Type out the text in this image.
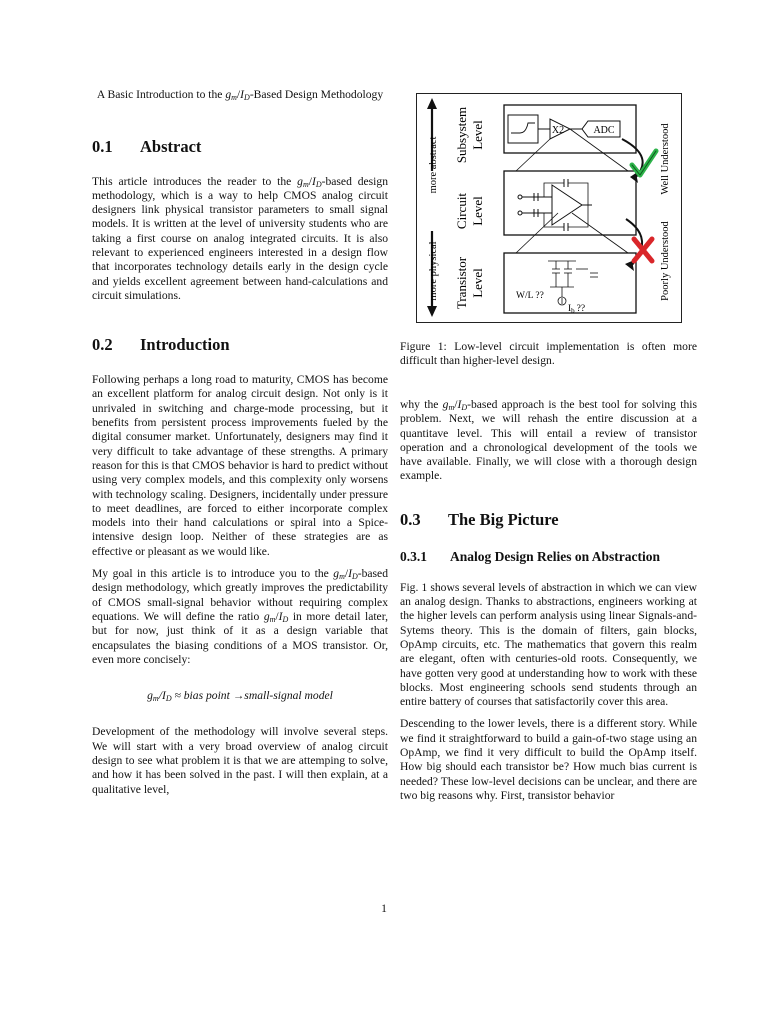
A Basic Introduction to the $g_m/I_D$-Based Design Methodology
0.1 Abstract

This article introduces the reader to the $g_m/I_D$-based design methodology, which is a way to help CMOS analog circuit designers link physical transistor parameters to small signal models. It is written at the level of university students who are taking a first course on analog integrated circuits. It is also relevant to experienced engineers interested in a design flow that incorporates technology details early in the design cycle and yields excellent agreement between hand-calculations and circuit simulations.

0.2 Introduction

Following perhaps a long road to maturity, CMOS has become an excellent platform for analog circuit design. Not only is it unrivaled in switching and charge-mode processing, but it benefits from persistent process improvements fueled by the digital consumer market. Unfortunately, designers may find it very difficult to take advantage of these strengths. A primary reason for this is that CMOS behavior is hard to predict without using very complex models, and this complexity only worsens with technology scaling. Designers, incidentally under pressure to meet deadlines, are forced to either incorporate complex models into their hand calculations or spiral into a Spice-intensive design loop. Neither of these strategies are as effective or pleasant as we would like.

My goal in this article is to introduce you to the $g_m/I_D$-based design methodology, which greatly improves the predictability of CMOS small-signal behavior without requiring complex equations. We will define the ratio $g_m/I_D$ in more detail later, but for now, just think of it as a design variable that encapsulates the biasing conditions of a MOS transistor. Or, even more concisely:

$g_m/I_D$ ≈ bias point →small-signal model

Development of the methodology will involve several steps. We will start with a very broad overview of analog circuit design to see what problem it is that we are attemping to solve, and how it has been solved in the past. I will then explain, at a qualitative level,

more abstract
more physical
Subsystem Level
Circuit Level
Transistor Level
X2	ADC
W/L ??
$I_b$ ??
Well Understood
Poorly Understood

Figure 1: Low-level circuit implementation is often more difficult than higher-level design.

why the $g_m/I_D$-based approach is the best tool for solving this problem. Next, we will rehash the entire discussion at a quantitave level. This will entail a review of transistor operation and a chronological development of the tools we have available. Finally, we will close with a thorough design example.

0.3 The Big Picture
0.3.1	Analog Design Relies on Abstraction

Fig. 1 shows several levels of abstraction in which we can view an analog design. Thanks to abstractions, engineers working at the higher levels can perform analysis using linear Signals-and-Sytems theory. This is the domain of filters, gain blocks, OpAmp circuits, etc. The mathematics that govern this realm are elegant, often with centuries-old roots. Consequently, we have gotten very good at understanding how to work with these blocks. Most engineering schools send students through an entire battery of courses that satisfactorily cover this area.

Descending to the lower levels, there is a different story. While we find it straightforward to build a gain-of-two stage using an OpAmp, we find it very difficult to build the OpAmp itself. How big should each transistor be? How much bias current is needed? These low-level decisions can be unclear, and there are two big reasons why. First, transistor behavior

1
